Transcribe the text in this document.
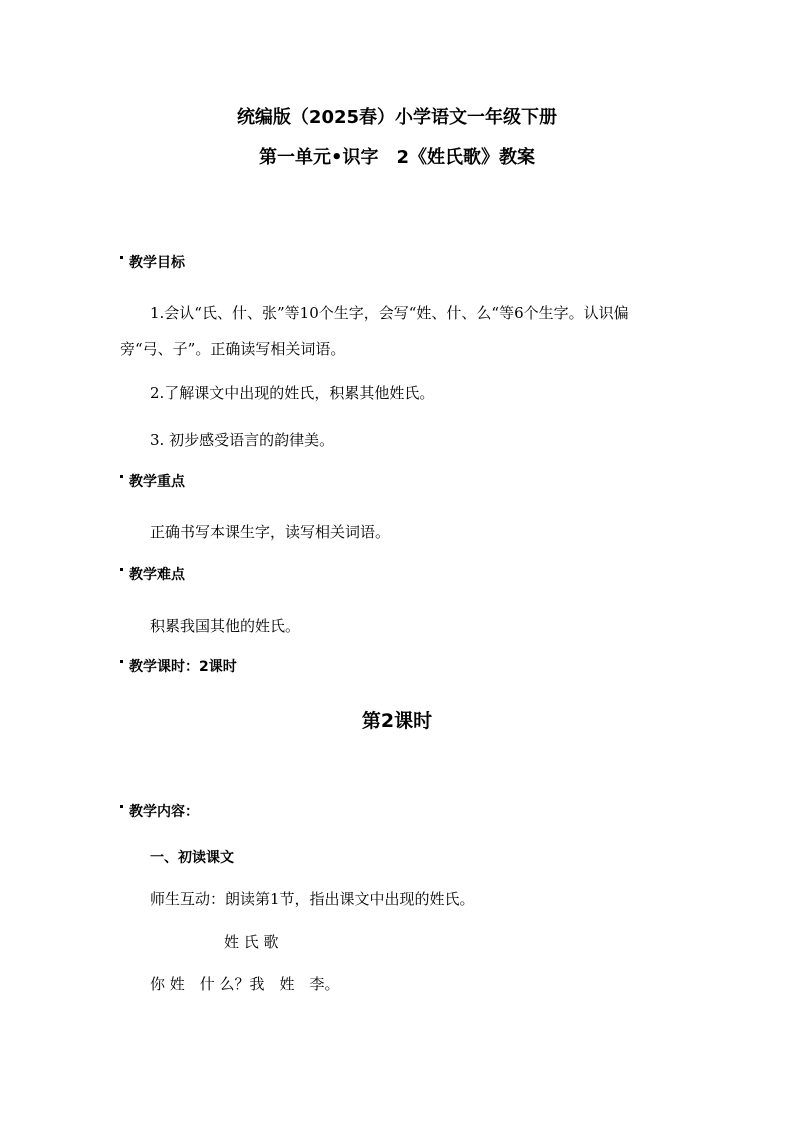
统编版（2025春）小学语文一年级下册
第一单元•识字　2《姓氏歌》教案
教学目标
1.会认“氏、什、张”等10个生字，会写“姓、什、么“等6个生字。认识偏旁“弓、子”。正确读写相关词语。
2.了解课文中出现的姓氏，积累其他姓氏。
3. 初步感受语言的韵律美。
教学重点
正确书写本课生字，读写相关词语。
教学难点
积累我国其他的姓氏。
教学课时：2课时
第2课时
教学内容：
一、初读课文
师生互动：朗读第1节，指出课文中出现的姓氏。
姓 氏 歌
你 姓　什 么？我　姓　李。
